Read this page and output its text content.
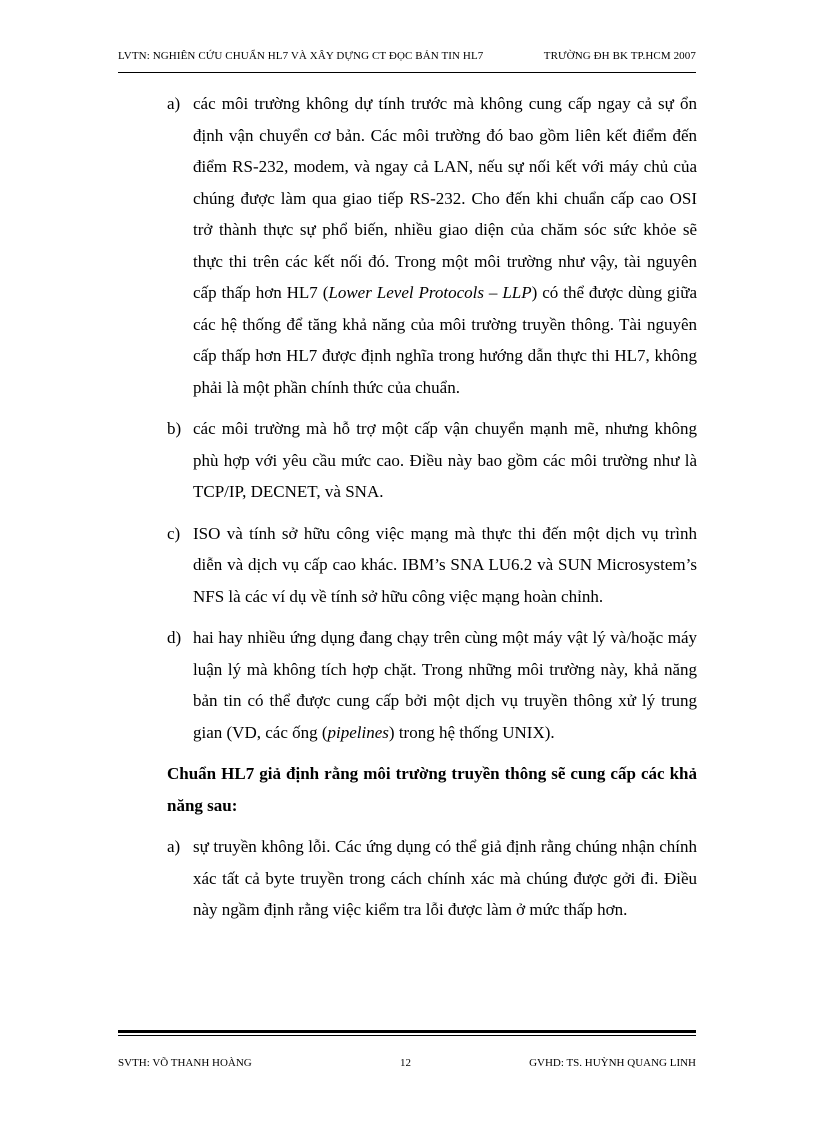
LVTN: NGHIÊN CỨU CHUẨN HL7 VÀ XÂY DỰNG CT ĐỌC BẢN TIN HL7	TRƯỜNG ĐH BK TP.HCM 2007
a) các môi trường không dự tính trước mà không cung cấp ngay cả sự ổn định vận chuyển cơ bản. Các môi trường đó bao gồm liên kết điểm đến điểm RS-232, modem, và ngay cả LAN, nếu sự nối kết với máy chủ của chúng được làm qua giao tiếp RS-232. Cho đến khi chuẩn cấp cao OSI trở thành thực sự phổ biến, nhiều giao diện của chăm sóc sức khỏe sẽ thực thi trên các kết nối đó. Trong một môi trường như vậy, tài nguyên cấp thấp hơn HL7 (Lower Level Protocols – LLP) có thể được dùng giữa các hệ thống để tăng khả năng của môi trường truyền thông. Tài nguyên cấp thấp hơn HL7 được định nghĩa trong hướng dẫn thực thi HL7, không phải là một phần chính thức của chuẩn.
b) các môi trường mà hỗ trợ một cấp vận chuyển mạnh mẽ, nhưng không phù hợp với yêu cầu mức cao. Điều này bao gồm các môi trường như là TCP/IP, DECNET, và SNA.
c) ISO và tính sở hữu công việc mạng mà thực thi đến một dịch vụ trình diễn và dịch vụ cấp cao khác. IBM’s SNA LU6.2 và SUN Microsystem’s NFS là các ví dụ về tính sở hữu công việc mạng hoàn chỉnh.
d) hai hay nhiều ứng dụng đang chạy trên cùng một máy vật lý và/hoặc máy luận lý mà không tích hợp chặt. Trong những môi trường này, khả năng bản tin có thể được cung cấp bởi một dịch vụ truyền thông xử lý trung gian (VD, các ống (pipelines) trong hệ thống UNIX).
Chuẩn HL7 giả định rằng môi trường truyền thông sẽ cung cấp các khả năng sau:
a) sự truyền không lỗi. Các ứng dụng có thể giả định rằng chúng nhận chính xác tất cả byte truyền trong cách chính xác mà chúng được gởi đi. Điều này ngầm định rằng việc kiểm tra lỗi được làm ở mức thấp hơn.
SVTH: VÕ THANH HOÀNG	12	GVHD: TS. HUỲNH QUANG LINH
